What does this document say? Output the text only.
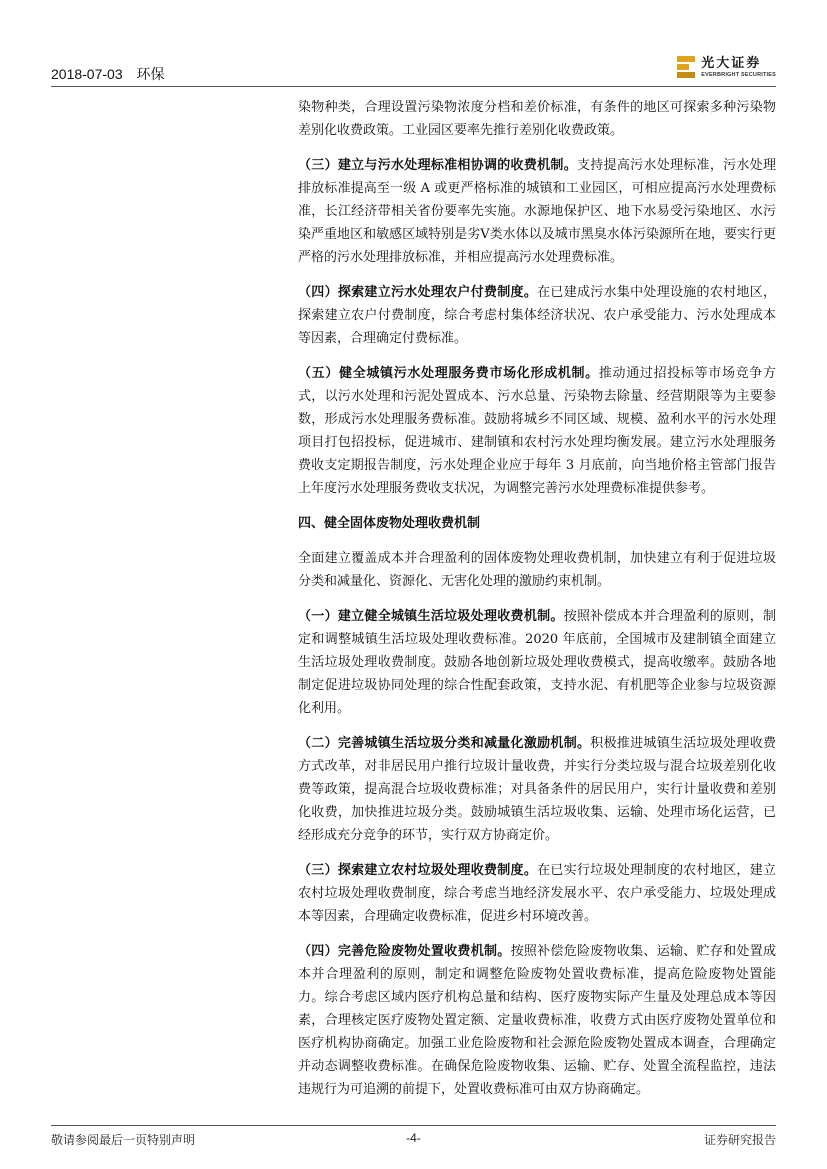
2018-07-03 环保
光大证券
EVERBRIGHT SECURITIES

染物种类，合理设置污染物浓度分档和差价标准，有条件的地区可探索多种污染物差别化收费政策。工业园区要率先推行差别化收费政策。

（三）建立与污水处理标准相协调的收费机制。支持提高污水处理标准，污水处理排放标准提高至一级 A 或更严格标准的城镇和工业园区，可相应提高污水处理费标准，长江经济带相关省份要率先实施。水源地保护区、地下水易受污染地区、水污染严重地区和敏感区域特别是劣Ⅴ类水体以及城市黑臭水体污染源所在地，要实行更严格的污水处理排放标准，并相应提高污水处理费标准。

（四）探索建立污水处理农户付费制度。在已建成污水集中处理设施的农村地区，探索建立农户付费制度，综合考虑村集体经济状况、农户承受能力、污水处理成本等因素，合理确定付费标准。

（五）健全城镇污水处理服务费市场化形成机制。推动通过招投标等市场竞争方式，以污水处理和污泥处置成本、污水总量、污染物去除量、经营期限等为主要参数，形成污水处理服务费标准。鼓励将城乡不同区域、规模、盈利水平的污水处理项目打包招投标，促进城市、建制镇和农村污水处理均衡发展。建立污水处理服务费收支定期报告制度，污水处理企业应于每年 3 月底前，向当地价格主管部门报告上年度污水处理服务费收支状况，为调整完善污水处理费标准提供参考。

四、健全固体废物处理收费机制

全面建立覆盖成本并合理盈利的固体废物处理收费机制，加快建立有利于促进垃圾分类和减量化、资源化、无害化处理的激励约束机制。

（一）建立健全城镇生活垃圾处理收费机制。按照补偿成本并合理盈利的原则，制定和调整城镇生活垃圾处理收费标准。2020 年底前，全国城市及建制镇全面建立生活垃圾处理收费制度。鼓励各地创新垃圾处理收费模式，提高收缴率。鼓励各地制定促进垃圾协同处理的综合性配套政策，支持水泥、有机肥等企业参与垃圾资源化利用。

（二）完善城镇生活垃圾分类和减量化激励机制。积极推进城镇生活垃圾处理收费方式改革，对非居民用户推行垃圾计量收费，并实行分类垃圾与混合垃圾差别化收费等政策，提高混合垃圾收费标准；对具备条件的居民用户，实行计量收费和差别化收费，加快推进垃圾分类。鼓励城镇生活垃圾收集、运输、处理市场化运营，已经形成充分竞争的环节，实行双方协商定价。

（三）探索建立农村垃圾处理收费制度。在已实行垃圾处理制度的农村地区，建立农村垃圾处理收费制度，综合考虑当地经济发展水平、农户承受能力、垃圾处理成本等因素，合理确定收费标准，促进乡村环境改善。

（四）完善危险废物处置收费机制。按照补偿危险废物收集、运输、贮存和处置成本并合理盈利的原则，制定和调整危险废物处置收费标准，提高危险废物处置能力。综合考虑区域内医疗机构总量和结构、医疗废物实际产生量及处理总成本等因素，合理核定医疗废物处置定额、定量收费标准，收费方式由医疗废物处置单位和医疗机构协商确定。加强工业危险废物和社会源危险废物处置成本调查，合理确定并动态调整收费标准。在确保危险废物收集、运输、贮存、处置全流程监控，违法违规行为可追溯的前提下，处置收费标准可由双方协商确定。

敬请参阅最后一页特别声明	-4-	证券研究报告
